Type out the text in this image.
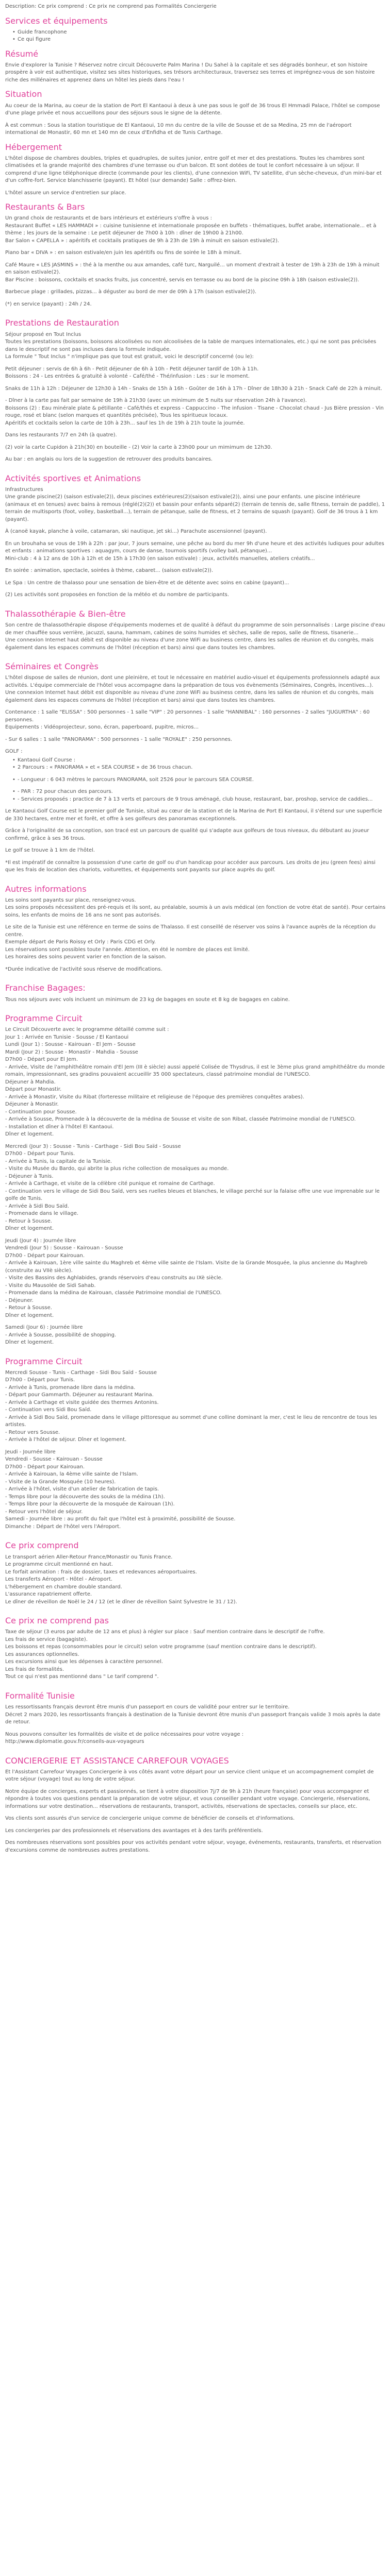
Description: Ce prix comprend : Ce prix ne comprend pas Formalités Conciergerie

Services et équipements
• Guide francophone
• Ce qui figure
Résumé

Envie d'explorer la Tunisie ? Réservez notre circuit Découverte Palm Marina ! Du Sahel à la capitale et ses dégradés bonheur, et son histoire prospère à voir est authentique, visitez ses sites historiques, ses trésors architecturaux, traversez ses terres et imprégnez-vous de son histoire riche des millénaires et apprenez dans un hôtel les pieds dans l'eau !

Situation

Au coeur de la Marina, au coeur de la station de Port El Kantaoui à deux à une pas sous le golf de 36 trous El Hmmadi Palace, l'hôtel se compose d'une plage privée et nous accueillons pour des séjours sous le signe de la détente.

À est commun : Sous la station touristique de El Kantaoui, 10 mn du centre de la ville de Sousse et de sa Medina, 25 mn de l'aéroport international de Monastir, 60 mn et 140 mn de ceux d'Enfidha et de Tunis Carthage.

Hébergement

L'hôtel dispose de chambres doubles, triples et quadruples, de suites junior, entre golf et mer et des prestations. Toutes les chambres sont climatisées et la grande majorité des chambres d'une terrasse ou d'un balcon. Et sont dotées de tout le confort nécessaire à un séjour. Il comprend d'une ligne téléphonique directe (commande pour les clients), d'une connexion WiFi, TV satellite, d'un sèche-cheveux, d'un mini-bar et d'un coffre-fort. Service blanchisserie (payant). Et hôtel (sur demande) Salle : offrez-bien.

L'hôtel assure un service d'entretien sur place.

Restaurants & Bars
Un grand choix de restaurants et de bars intérieurs et extérieurs s'offre à vous :
Restaurant Buffet « LES HAMMADI » : cuisine tunisienne et internationale proposée en buffets - thématiques, buffet arabe, internationale... et à thème ; les jours de la semaine : Le petit déjeuner de 7h00 à 10h : dîner de 19h00 à 21h00.
Bar Salon « CAPELLA » : apéritifs et cocktails pratiques de 9h à 23h de 19h à minuit en saison estivale(2).
Piano bar « DIVA » : en saison estivale/en juin les apéritifs ou fins de soirée le 18h à minuit.
Café Maure « LES JASMINS » : thé à la menthe ou aux amandes, café turc, Narguilé... un moment d'extrait à tester de 19h à 23h de 19h à minuit en saison estivale(2).
Bar Piscine : boissons, cocktails et snacks fruits, jus concentré, servis en terrasse ou au bord de la piscine 09h à 18h (saison estivale(2)).
Barbecue plage : grillades, pizzas... à déguster au bord de mer de 09h à 17h (saison estivale(2)).
(*) en service (payant) : 24h / 24.
Prestations de Restauration
Séjour proposé en Tout Inclus
Toutes les prestations (boissons, boissons alcoolisées ou non alcoolisées de la table de marques internationales, etc.) qui ne sont pas précisées dans le descriptif ne sont pas incluses dans la formule indiquée.
La formule " Tout Inclus " n'implique pas que tout est gratuit, voici le descriptif concerné (ou le):
Petit déjeuner : servis de 6h à 6h - Petit déjeuner de 6h à 10h - Petit déjeuner tardif de 10h à 11h.
Boissons : 24 - Les entrées & gratuité à volonté - Café/thé - Thé/infusion : Les : sur le moment.
Snaks de 11h à 12h : Déjeuner de 12h30 à 14h - Snaks de 15h à 16h - Goûter de 16h à 17h - Dîner de 18h30 à 21h - Snack Café de 22h à minuit.
- Dîner à la carte pas fait par semaine de 19h à 21h30 (avec un minimum de 5 nuits sur réservation 24h à l'avance).
Boissons (2) : Eau minérale plate & pétillante - Café/thés et express - Cappuccino - The infusion - Tisane - Chocolat chaud - Jus Bière pression - Vin rouge, rosé et blanc (selon marques et quantités précisée), Tous les spiritueux locaux.
Apéritifs et cocktails selon la carte de 10h à 23h... sauf les 1h de 19h à 21h toute la journée.
Dans les restaurants 7/7 en 24h (à quatre).
(2) voir la carte Cupidon à 21h(30) en bouteille - (2) Voir la carte à 23h00 pour un mimimum de 12h30.
Au bar : en anglais ou lors de la suggestion de retrouver des produits bancaires.
Activités sportives et Animations
Infrastructures
Une grande piscine(2) (saison estivale(2)), deux piscines extérieures(2)(saison estivale(2)), ainsi une pour enfants. une piscine intérieure (animaux et en tenues) avec bains à remous (réglé(2)(2)) et bassin pour enfants séparé(2) (terrain de tennis de, salle fitness, terrain de paddle), 1 terrain de multisports (foot, volley, basketball...), terrain de pétanque, salle de fitness, et 2 terrains de squash (payant). Golf de 36 trous à 1 km (payant).
À (canoë kayak, planche à voile, catamaran, ski nautique, jet ski...) Parachute ascensionnel (payant).
En un brouhaha se vous de 19h à 22h : par jour, 7 jours semaine, une pêche au bord du mer 9h d'une heure et des activités ludiques pour adultes et enfants : animations sportives : aquagym, cours de danse, tournois sportifs (volley ball, pétanque)...
Mini-club : 4 à 12 ans de 10h à 12h et de 15h à 17h30 (en saison estivale) : jeux, activités manuelles, ateliers créatifs...
En soirée : animation, spectacle, soirées à thème, cabaret... (saison estivale(2)).
Le Spa : Un centre de thalasso pour une sensation de bien-être et de détente avec soins en cabine (payant)...
(2) Les activités sont proposées en fonction de la météo et du nombre de participants.
Thalassothérapie & Bien-être
Son centre de thalassothérapie dispose d'équipements modernes et de qualité à défaut du programme de soin personnalisés : Large piscine d'eau de mer chauffée sous verrière, jacuzzi, sauna, hammam, cabines de soins humides et sèches, salle de repos, salle de fitness, tisanerie...
Une connexion Internet haut débit est disponible au niveau d'une zone WiFi au business centre, dans les salles de réunion et du congrès, mais également dans les espaces communs de l'hôtel (réception et bars) ainsi que dans toutes les chambres.
Séminaires et Congrès
L'hôtel dispose de salles de réunion, dont une pleinière, et tout le nécessaire en matériel audio-visuel et équipements professionnels adapté aux activités. L'équipe commerciale de l'hôtel vous accompagne dans la préparation de tous vos évènements (Séminaires, Congrès, incentives...).
Une connexion Internet haut débit est disponible au niveau d'une zone WiFi au business centre, dans les salles de réunion et du congrès, mais également dans les espaces communs de l'hôtel (réception et bars) ainsi que dans toutes les chambres.
Contenance : 1 salle "ELISSA" : 500 personnes - 1 salle "VIP" : 20 personnes - 1 salle "HANNIBAL" : 160 personnes - 2 salles "JUGURTHA" : 60 personnes.
Equipements : Vidéoprojecteur, sono, écran, paperboard, pupitre, micros...
- Sur 6 salles : 1 salle "PANORAMA" : 500 personnes - 1 salle "ROYALE" : 250 personnes.

GOLF :

• Kantaoui Golf Course :
• 2 Parcours : « PANORAMA » et « SEA COURSE » de 36 trous chacun.
• - Longueur : 6 043 mètres le parcours PANORAMA, soit 2526 pour le parcours SEA COURSE.
• - PAR : 72 pour chacun des parcours.
• - Services proposés : practice de 7 à 13 verts et parcours de 9 trous aménagé, club house, restaurant, bar, proshop, service de caddies...
Le Kantaoui Golf Course est le premier golf de Tunisie, situé au cœur de la station et de la Marina de Port El Kantaoui, il s'étend sur une superficie de 330 hectares, entre mer et forêt, et offre à ses golfeurs des panoramas exceptionnels.
Grâce à l'originalité de sa conception, son tracé est un parcours de qualité qui s'adapte aux golfeurs de tous niveaux, du débutant au joueur confirmé, grâce à ses 36 trous.
Le golf se trouve à 1 km de l'hôtel.
*Il est impératif de connaître la possession d'une carte de golf ou d'un handicap pour accéder aux parcours. Les droits de jeu (green fees) ainsi que les frais de location des chariots, voiturettes, et équipements sont payants sur place auprès du golf.
Autres informations
Les soins sont payants sur place, renseignez-vous.
Les soins proposés nécessitent des pré-requis et ils sont, au préalable, soumis à un avis médical (en fonction de votre état de santé). Pour certains soins, les enfants de moins de 16 ans ne sont pas autorisés.
Le site de la Tunisie est une référence en terme de soins de Thalasso. Il est conseillé de réserver vos soins à l'avance auprès de la réception du centre.
Exemple départ de Paris Roissy et Orly : Paris CDG et Orly.
Les réservations sont possibles toute l'année. Attention, en été le nombre de places est limité.
Les horaires des soins peuvent varier en fonction de la saison.
*Durée indicative de l'activité sous réserve de modifications.
Franchise Bagages:
Tous nos séjours avec vols incluent un minimum de 23 kg de bagages en soute et 8 kg de bagages en cabine.
Programme Circuit
Le Circuit Découverte avec le programme détaillé comme suit :
Jour 1 : Arrivée en Tunisie - Sousse / El Kantaoui
Lundi (Jour 1) : Sousse - Kairouan - El Jem - Sousse
Mardi (Jour 2) : Sousse - Monastir - Mahdia - Sousse
D7h00 - Départ pour El Jem.
- Arrivée, Visite de l'amphithéâtre romain d'El Jem (III è siècle) aussi appelé Colisée de Thysdrus, il est le 3ème plus grand amphithéâtre du monde romain, impressionnant, ses gradins pouvaient accueillir 35 000 spectateurs, classé patrimoine mondial de l'UNESCO.
Déjeuner à Mahdia.
Départ pour Monastir.
- Arrivée à Monastir, Visite du Ribat (forteresse militaire et religieuse de l'époque des premières conquêtes arabes).
Déjeuner à Monastir.
- Continuation pour Sousse.
- Arrivée à Sousse, Promenade à la découverte de la médina de Sousse et visite de son Ribat, classée Patrimoine mondial de l'UNESCO.
- Installation et dîner à l'hôtel El Kantaoui.
Dîner et logement.
Mercredi (Jour 3) : Sousse - Tunis - Carthage - Sidi Bou Saïd - Sousse
D7h00 - Départ pour Tunis.
- Arrivée à Tunis, la capitale de la Tunisie.
- Visite du Musée du Bardo, qui abrite la plus riche collection de mosaïques au monde.
- Déjeuner à Tunis.
- Arrivée à Carthage, et visite de la célèbre cité punique et romaine de Carthage.
- Continuation vers le village de Sidi Bou Saïd, vers ses ruelles bleues et blanches, le village perché sur la falaise offre une vue imprenable sur le golfe de Tunis.
- Arrivée à Sidi Bou Saïd.
- Promenade dans le village.
- Retour à Sousse.
Dîner et logement.
Jeudi (Jour 4) : Journée libre
Vendredi (Jour 5) : Sousse - Kairouan - Sousse
D7h00 - Départ pour Kairouan.
- Arrivée à Kairouan, 1ère ville sainte du Maghreb et 4ème ville sainte de l'Islam. Visite de la Grande Mosquée, la plus ancienne du Maghreb (construite au VIIè siècle).
- Visite des Bassins des Aghlabides, grands réservoirs d'eau construits au IXè siècle.
- Visite du Mausolée de Sidi Sahab.
- Promenade dans la médina de Kairouan, classée Patrimoine mondial de l'UNESCO.
- Déjeuner.
- Retour à Sousse.
Dîner et logement.
Samedi (Jour 6) : Journée libre
- Arrivée à Sousse, possibilité de shopping.
Dîner et logement.
Programme Circuit
Mercredi Sousse - Tunis - Carthage - Sidi Bou Saïd - Sousse
D7h00 - Départ pour Tunis.
- Arrivée à Tunis, promenade libre dans la médina.
- Départ pour Gammarth. Déjeuner au restaurant Marina.
- Arrivée à Carthage et visite guidée des thermes Antonins.
- Continuation vers Sidi Bou Saïd.
- Arrivée à Sidi Bou Saïd, promenade dans le village pittoresque au sommet d'une colline dominant la mer, c'est le lieu de rencontre de tous les artistes.
- Retour vers Sousse.
- Arrivée à l'hôtel de séjour. Dîner et logement.
Jeudi - Journée libre
Vendredi - Sousse - Kairouan - Sousse
D7h00 - Départ pour Kairouan.
- Arrivée à Kairouan, la 4ème ville sainte de l'Islam.
- Visite de la Grande Mosquée (10 heures).
- Arrivée à l'hôtel, visite d'un atelier de fabrication de tapis.
- Temps libre pour la découverte des souks de la médina (1h).
- Temps libre pour la découverte de la mosquée de Kairouan (1h).
- Retour vers l'hôtel de séjour.
Samedi - Journée libre : au profit du fait que l'hôtel est à proximité, possibilité de Sousse.
Dimanche : Départ de l'hôtel vers l'Aéroport.
Ce prix comprend
Le transport aérien Aller-Retour France/Monastir ou Tunis France.
Le programme circuit mentionné en haut.
Le forfait animation : frais de dossier, taxes et redevances aéroportuaires.
Les transferts Aéroport - Hôtel - Aéroport.
L'hébergement en chambre double standard.
L'assurance rapatriement offerte.
Le dîner de réveillon de Noël le 24 / 12 (et le dîner de réveillon Saint Sylvestre le 31 / 12).
Ce prix ne comprend pas
Taxe de séjour (3 euros par adulte de 12 ans et plus) à régler sur place : Sauf mention contraire dans le descriptif de l'offre.
Les frais de service (bagagiste).
Les boissons et repas (consommables pour le circuit) selon votre programme (sauf mention contraire dans le descriptif).
Les assurances optionnelles.
Les excursions ainsi que les dépenses à caractère personnel.
Les frais de formalités.
Tout ce qui n'est pas mentionné dans " Le tarif comprend ".
Formalité Tunisie
Les ressortissants français devront être munis d'un passeport en cours de validité pour entrer sur le territoire.
Décret 2 mars 2020, les ressortissants français à destination de la Tunisie devront être munis d'un passeport français valide 3 mois après la date de retour.
Nous pouvons consulter les formalités de visite et de police nécessaires pour votre voyage :
http://www.diplomatie.gouv.fr/conseils-aux-voyageurs
CONCIERGERIE ET ASSISTANCE CARREFOUR VOYAGES
Et l'Assistant Carrefour Voyages Conciergerie à vos côtés avant votre départ pour un service client unique et un accompagnement complet de votre séjour (voyage) tout au long de votre séjour.
Notre équipe de concierges, experts et passionnés, se tient à votre disposition 7j/7 de 9h à 21h (heure française) pour vous accompagner et répondre à toutes vos questions pendant la préparation de votre séjour, et vous conseiller pendant votre voyage. Conciergerie, réservations, informations sur votre destination... réservations de restaurants, transport, activités, réservations de spectacles, conseils sur place, etc.
Vos clients sont assurés d'un service de conciergerie unique comme de bénéficier de conseils et d'informations.
Les conciergeries par des professionnels et réservations des avantages et à des tarifs préférentiels.
Des nombreuses réservations sont possibles pour vos activités pendant votre séjour, voyage, événements, restaurants, transferts, et réservation d'excursions comme de nombreuses autres prestations.
